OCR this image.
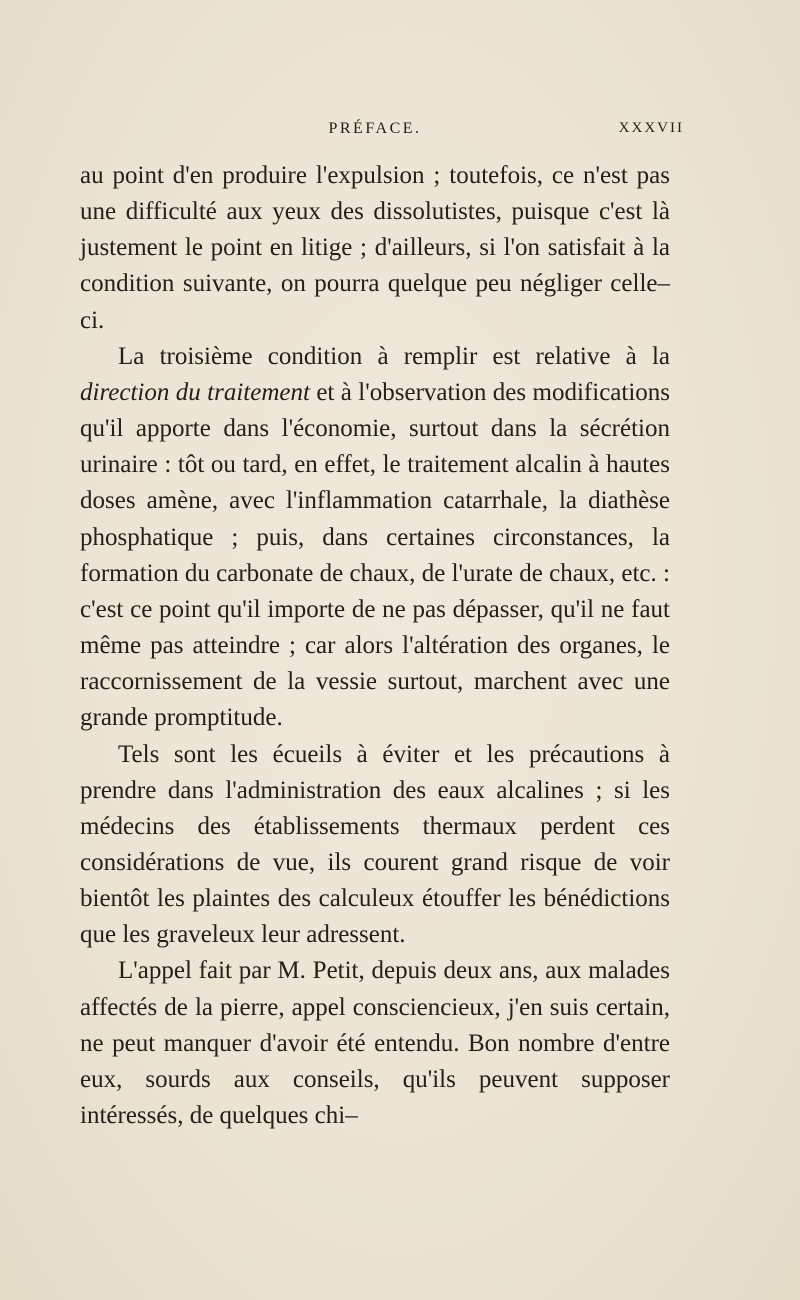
PRÉFACE.	XXXVII

au point d'en produire l'expulsion ; toutefois, ce n'est pas une difficulté aux yeux des dissolutistes, puisque c'est là justement le point en litige ; d'ailleurs, si l'on satisfait à la condition suivante, on pourra quelque peu négliger celle–ci.

La troisième condition à remplir est relative à la direction du traitement et à l'observation des modifications qu'il apporte dans l'économie, surtout dans la sécrétion urinaire : tôt ou tard, en effet, le traitement alcalin à hautes doses amène, avec l'inflammation catarrhale, la diathèse phosphatique ; puis, dans certaines circonstances, la formation du carbonate de chaux, de l'urate de chaux, etc. : c'est ce point qu'il importe de ne pas dépasser, qu'il ne faut même pas atteindre ; car alors l'altération des organes, le raccornissement de la vessie surtout, marchent avec une grande promptitude.

Tels sont les écueils à éviter et les précautions à prendre dans l'administration des eaux alcalines ; si les médecins des établissements thermaux perdent ces considérations de vue, ils courent grand risque de voir bientôt les plaintes des calculeux étouffer les bénédictions que les graveleux leur adressent.

L'appel fait par M. Petit, depuis deux ans, aux malades affectés de la pierre, appel consciencieux, j'en suis certain, ne peut manquer d'avoir été entendu. Bon nombre d'entre eux, sourds aux conseils, qu'ils peuvent supposer intéressés, de quelques chi–
